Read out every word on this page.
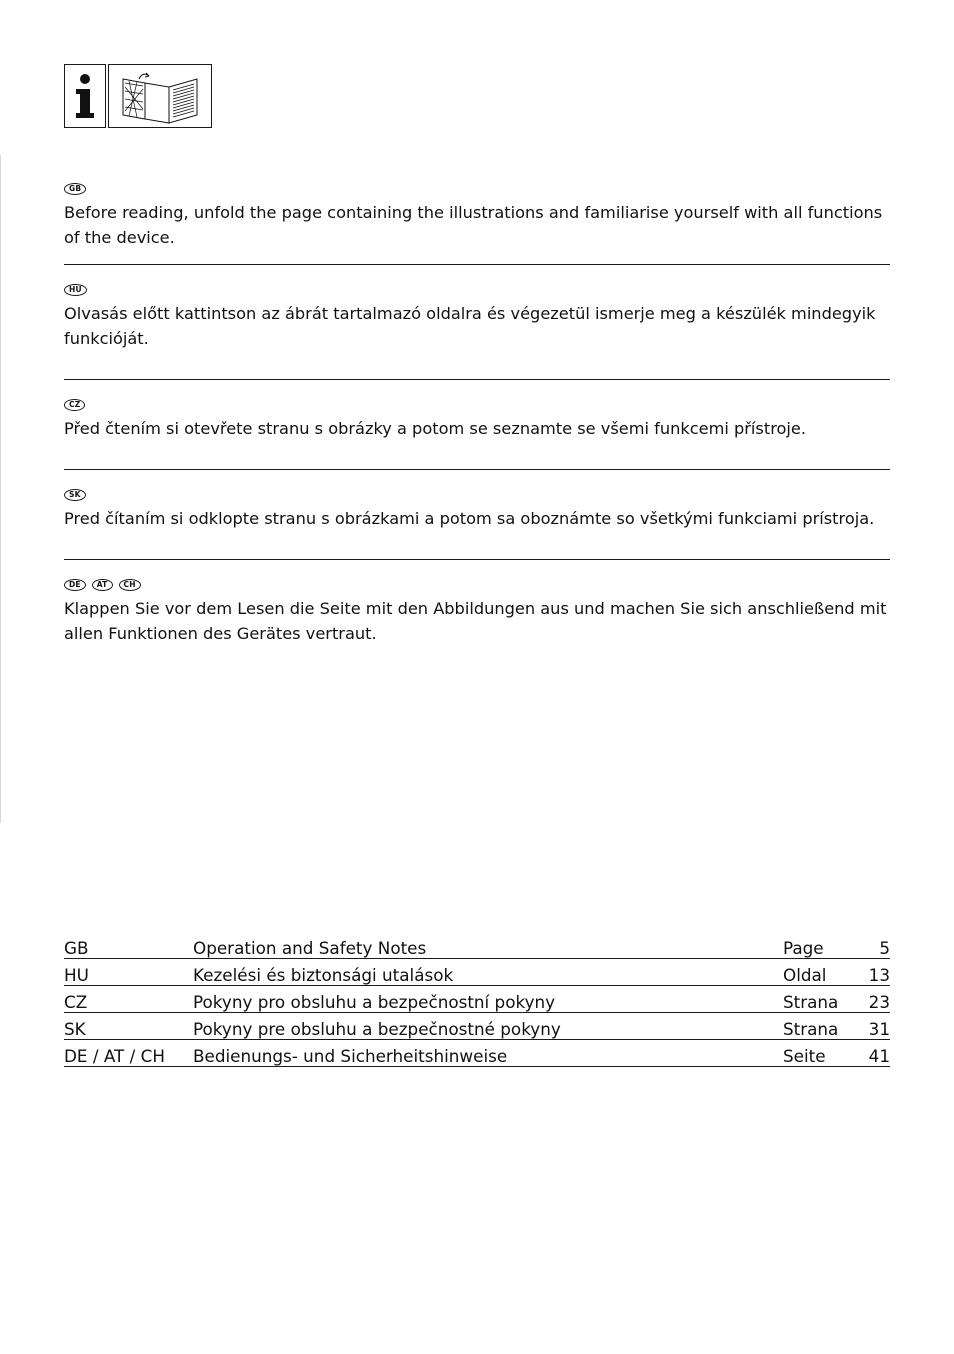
GB

Before reading, unfold the page containing the illustrations and familiarise yourself with all functions of the device.

HU

Olvasás előtt kattintson az ábrát tartalmazó oldalra és végezetül ismerje meg a készülék mindegyik funkcióját.

CZ

Před čtením si otevřete stranu s obrázky a potom se seznamte se všemi funkcemi přístroje.

SK

Pred čítaním si odklopte stranu s obrázkami a potom sa oboznámte so všetkými funkciami prístroja.

DE	AT	CH

Klappen Sie vor dem Lesen die Seite mit den Abbildungen aus und machen Sie sich anschließend mit allen Funktionen des Gerätes vertraut.

GB	Operation and Safety Notes	Page	5
HU	Kezelési és biztonsági utalások	Oldal	13
CZ	Pokyny pro obsluhu a bezpečnostní pokyny	Strana	23
SK	Pokyny pre obsluhu a bezpečnostné pokyny	Strana	31
DE / AT / CH	Bedienungs- und Sicherheitshinweise	Seite	41
